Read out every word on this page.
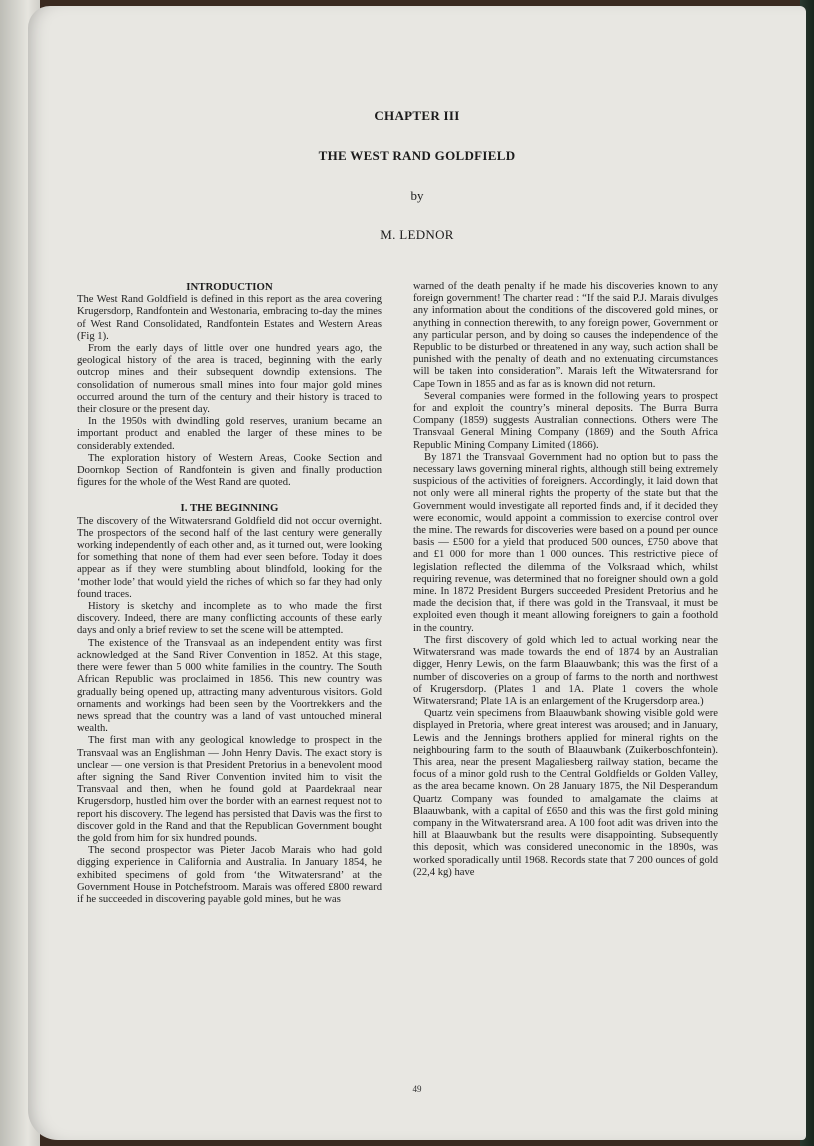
CHAPTER III
THE WEST RAND GOLDFIELD
by
M. LEDNOR
INTRODUCTION

The West Rand Goldfield is defined in this report as the area covering Krugersdorp, Randfontein and Westonaria, embracing to-day the mines of West Rand Consolidated, Randfontein Estates and Western Areas (Fig 1).

From the early days of little over one hundred years ago, the geological history of the area is traced, beginning with the early outcrop mines and their subsequent downdip extensions. The consolidation of numerous small mines into four major gold mines occurred around the turn of the century and their history is traced to their closure or the present day.

In the 1950s with dwindling gold reserves, uranium became an important product and enabled the larger of these mines to be considerably extended.

The exploration history of Western Areas, Cooke Section and Doornkop Section of Randfontein is given and finally production figures for the whole of the West Rand are quoted.

I. THE BEGINNING

The discovery of the Witwatersrand Goldfield did not occur overnight. The prospectors of the second half of the last century were generally working independently of each other and, as it turned out, were looking for something that none of them had ever seen before. Today it does appear as if they were stumbling about blindfold, looking for the ‘mother lode’ that would yield the riches of which so far they had only found traces.

History is sketchy and incomplete as to who made the first discovery. Indeed, there are many conflicting accounts of these early days and only a brief review to set the scene will be attempted.

The existence of the Transvaal as an independent entity was first acknowledged at the Sand River Convention in 1852. At this stage, there were fewer than 5 000 white families in the country. The South African Republic was proclaimed in 1856. This new country was gradually being opened up, attracting many adventurous visitors. Gold ornaments and workings had been seen by the Voortrekkers and the news spread that the country was a land of vast untouched mineral wealth.

The first man with any geological knowledge to prospect in the Transvaal was an Englishman — John Henry Davis. The exact story is unclear — one version is that President Pretorius in a benevolent mood after signing the Sand River Convention invited him to visit the Transvaal and then, when he found gold at Paardekraal near Krugersdorp, hustled him over the border with an earnest request not to report his discovery. The legend has persisted that Davis was the first to discover gold in the Rand and that the Republican Government bought the gold from him for six hundred pounds.

The second prospector was Pieter Jacob Marais who had gold digging experience in California and Australia. In January 1854, he exhibited specimens of gold from ‘the Witwatersrand’ at the Government House in Potchefstroom. Marais was offered £800 reward if he succeeded in discovering payable gold mines, but he was

warned of the death penalty if he made his discoveries known to any foreign government! The charter read : “If the said P.J. Marais divulges any information about the conditions of the discovered gold mines, or anything in connection therewith, to any foreign power, Government or any particular person, and by doing so causes the independence of the Republic to be disturbed or threatened in any way, such action shall be punished with the penalty of death and no extenuating circumstances will be taken into consideration”. Marais left the Witwatersrand for Cape Town in 1855 and as far as is known did not return.

Several companies were formed in the following years to prospect for and exploit the country’s mineral deposits. The Burra Burra Company (1859) suggests Australian connections. Others were The Transvaal General Mining Company (1869) and the South Africa Republic Mining Company Limited (1866).

By 1871 the Transvaal Government had no option but to pass the necessary laws governing mineral rights, although still being extremely suspicious of the activities of foreigners. Accordingly, it laid down that not only were all mineral rights the property of the state but that the Government would investigate all reported finds and, if it decided they were economic, would appoint a commission to exercise control over the mine. The rewards for discoveries were based on a pound per ounce basis — £500 for a yield that produced 500 ounces, £750 above that and £1 000 for more than 1 000 ounces. This restrictive piece of legislation reflected the dilemma of the Volksraad which, whilst requiring revenue, was determined that no foreigner should own a gold mine. In 1872 President Burgers succeeded President Pretorius and he made the decision that, if there was gold in the Transvaal, it must be exploited even though it meant allowing foreigners to gain a foothold in the country.

The first discovery of gold which led to actual working near the Witwatersrand was made towards the end of 1874 by an Australian digger, Henry Lewis, on the farm Blaauwbank; this was the first of a number of discoveries on a group of farms to the north and northwest of Krugersdorp. (Plates 1 and 1A. Plate 1 covers the whole Witwatersrand; Plate 1A is an enlargement of the Krugersdorp area.)

Quartz vein specimens from Blaauwbank showing visible gold were displayed in Pretoria, where great interest was aroused; and in January, Lewis and the Jennings brothers applied for mineral rights on the neighbouring farm to the south of Blaauwbank (Zuikerboschfontein). This area, near the present Magaliesberg railway station, became the focus of a minor gold rush to the Central Goldfields or Golden Valley, as the area became known. On 28 January 1875, the Nil Desperandum Quartz Company was founded to amalgamate the claims at Blaauwbank, with a capital of £650 and this was the first gold mining company in the Witwatersrand area. A 100 foot adit was driven into the hill at Blaauwbank but the results were disappointing. Subsequently this deposit, which was considered uneconomic in the 1890s, was worked sporadically until 1968. Records state that 7 200 ounces of gold (22,4 kg) have

49
